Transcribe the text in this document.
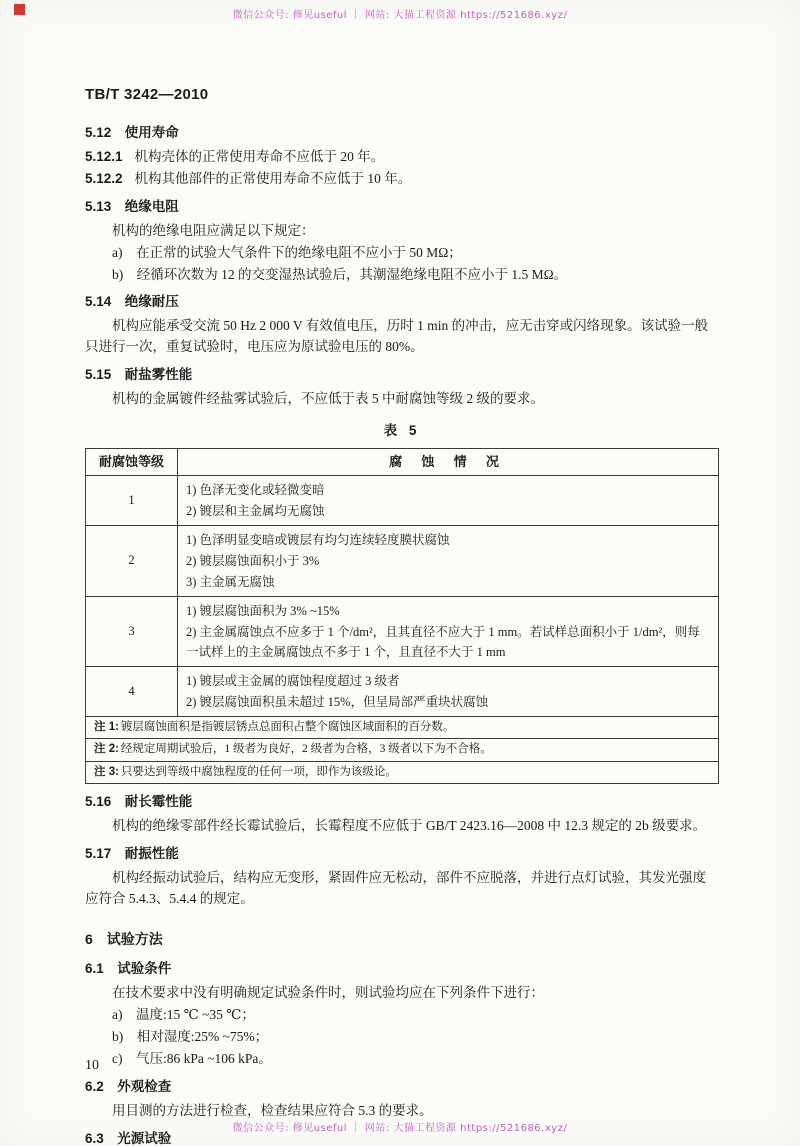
微信公众号: 修见useful ｜ 网站: 大猫工程资源 https://521686.xyz/
TB/T 3242—2010
5.12　使用寿命
5.12.1 机构壳体的正常使用寿命不应低于 20 年。
5.12.2 机构其他部件的正常使用寿命不应低于 10 年。
5.13　绝缘电阻
机构的绝缘电阻应满足以下规定：
a)　在正常的试验大气条件下的绝缘电阻不应小于 50 MΩ；
b)　经循环次数为 12 的交变湿热试验后，其潮湿绝缘电阻不应小于 1.5 MΩ。
5.14　绝缘耐压
机构应能承受交流 50 Hz 2 000 V 有效值电压，历时 1 min 的冲击，应无击穿或闪络现象。该试验一般只进行一次，重复试验时，电压应为原试验电压的 80%。
5.15　耐盐雾性能
机构的金属镀件经盐雾试验后，不应低于表 5 中耐腐蚀等级 2 级的要求。
表 5
耐腐蚀等级	腐 蚀 情 况
1	1) 色泽无变化或轻微变暗
2) 镀层和主金属均无腐蚀

2	1) 色泽明显变暗或镀层有均匀连续轻度膜状腐蚀
2) 镀层腐蚀面积小于 3%
3) 主金属无腐蚀

3	1) 镀层腐蚀面积为 3% ~15%
2) 主金属腐蚀点不应多于 1 个/dm²，且其直径不应大于 1 mm。若试样总面积小于 1/dm²，则每一试样上的主金属腐蚀点不多于 1 个，且直径不大于 1 mm

4	1) 镀层或主金属的腐蚀程度超过 3 级者
2) 镀层腐蚀面积虽未超过 15%，但呈局部严重块状腐蚀

注 1: 镀层腐蚀面积是指镀层锈点总面积占整个腐蚀区域面积的百分数。	
注 2: 经规定周期试验后，1 级者为良好，2 级者为合格，3 级者以下为不合格。	
注 3: 只要达到等级中腐蚀程度的任何一项，即作为该级论。	
5.16　耐长霉性能
机构的绝缘零部件经长霉试验后，长霉程度不应低于 GB/T 2423.16—2008 中 12.3 规定的 2b 级要求。
5.17　耐振性能
机构经振动试验后，结构应无变形，紧固件应无松动，部件不应脱落，并进行点灯试验，其发光强度应符合 5.4.3、5.4.4 的规定。
6　试验方法
6.1　试验条件
在技术要求中没有明确规定试验条件时，则试验均应在下列条件下进行：
a)　温度:15 ℃ ~35 ℃；
b)　相对湿度:25% ~75%；
c)　气压:86 kPa ~106 kPa。
6.2　外观检查
用目测的方法进行检查，检查结果应符合 5.3 的要求。
6.3　光源试验
10
微信公众号: 修见useful ｜ 网站: 大猫工程资源 https://521686.xyz/
